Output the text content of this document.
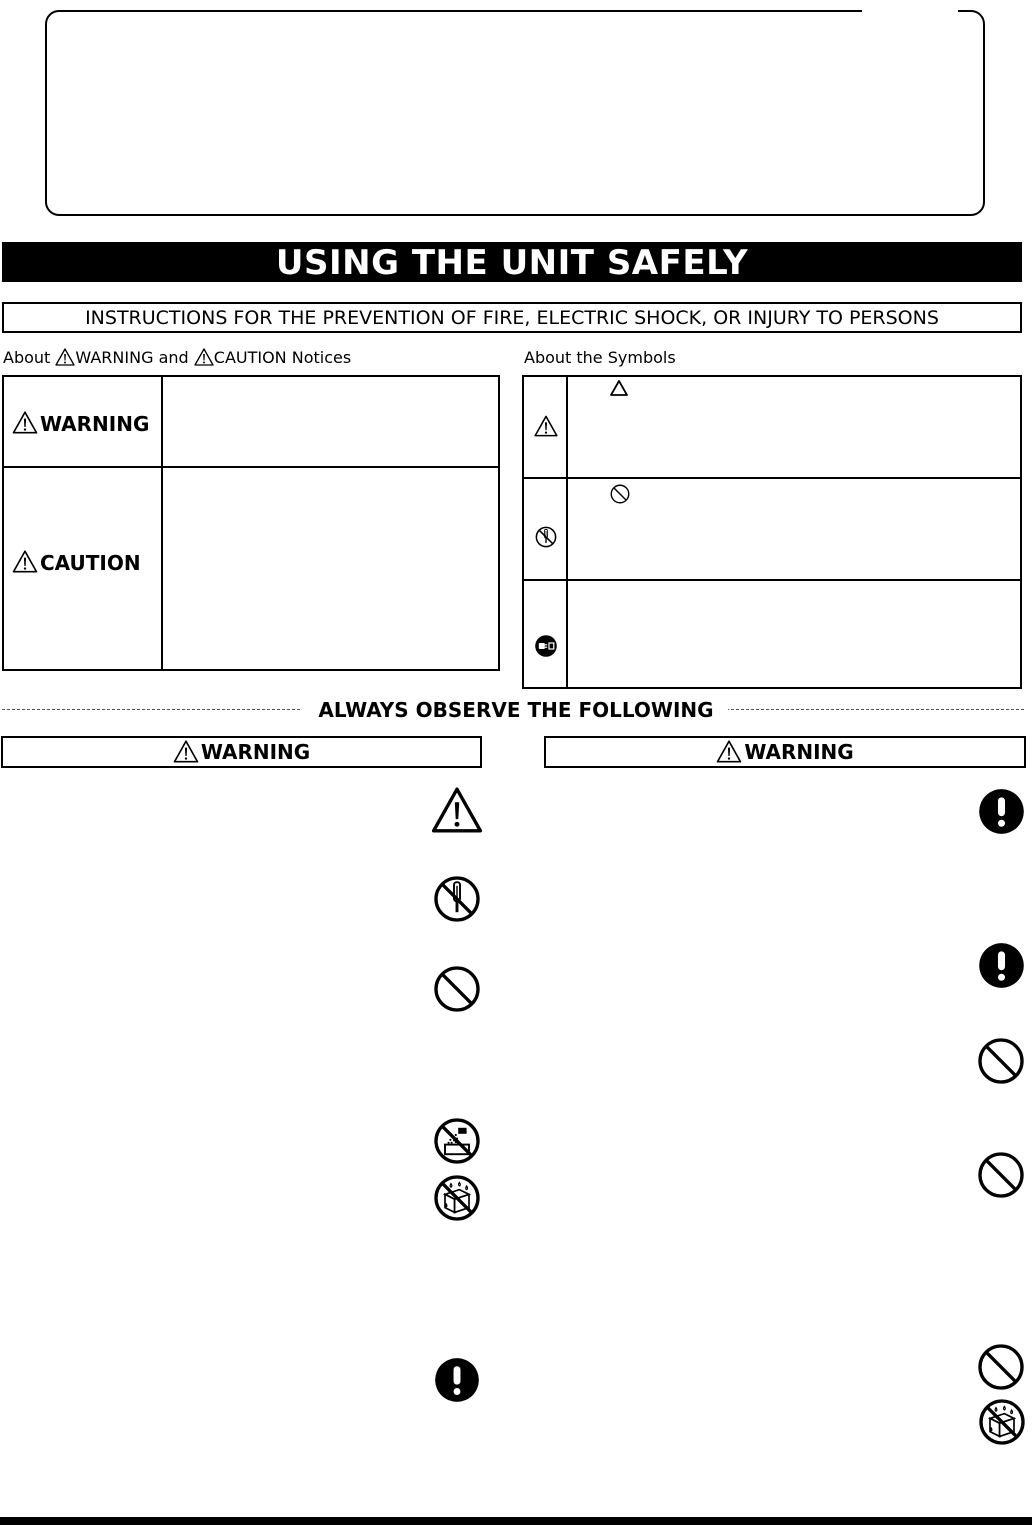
USING THE UNIT SAFELY
INSTRUCTIONS FOR THE PREVENTION OF FIRE, ELECTRIC SHOCK, OR INJURY TO PERSONS
About WARNING and CAUTION Notices	About the Symbols
WARNING
CAUTION
ALWAYS OBSERVE THE FOLLOWING
WARNING	WARNING
